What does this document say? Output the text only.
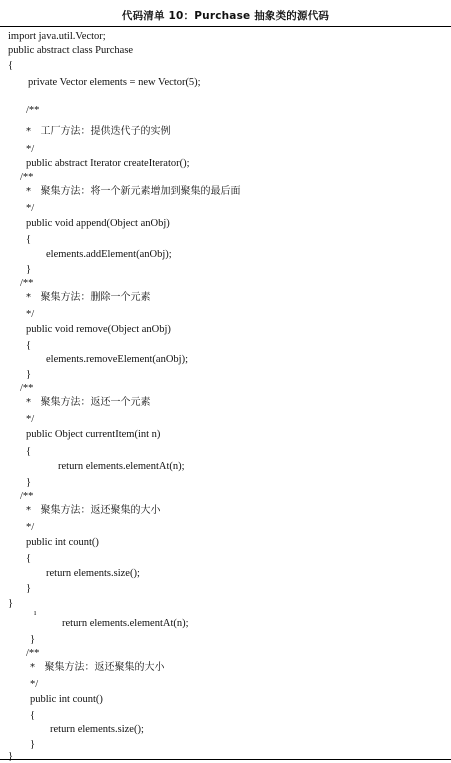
代码清单 10：Purchase 抽象类的源代码
import java.util.Vector;
public abstract class Purchase
{
private Vector elements = new Vector(5);
/**
*   工厂方法：提供迭代子的实例
*/
public abstract Iterator createIterator();
/**
*   聚集方法：将一个新元素增加到聚集的最后面
*/
public void append(Object anObj)
{
elements.addElement(anObj);
}
/**
*   聚集方法：删除一个元素
*/
public void remove(Object anObj)
{
elements.removeElement(anObj);
}
/**
*   聚集方法：返还一个元素
*/
public Object currentItem(int n)
{
return elements.elementAt(n);
}
/**
*   聚集方法：返还聚集的大小
*/
public int count()
{
return elements.size();
}
}
ı
return elements.elementAt(n);
}
/**
*   聚集方法：返还聚集的大小
*/
public int count()
{
return elements.size();
}
}
